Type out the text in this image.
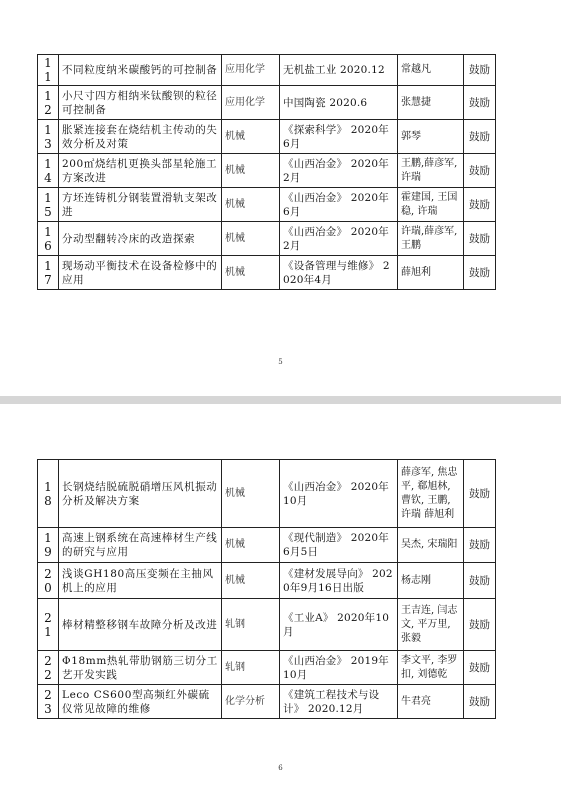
11	不同粒度纳米碳酸钙的可控制备	应用化学	无机盐工业 2020.12	常越凡	鼓励
12	小尺寸四方相纳米钛酸钡的粒径可控制备	应用化学	中国陶瓷 2020.6	张慧捷	鼓励
13	胀紧连接套在烧结机主传动的失效分析及对策	机械	《探索科学》 2020年6月	郭琴	鼓励
14	200㎡烧结机更换头部星轮施工方案改进	机械	《山西冶金》 2020年2月	王鹏,薛彦军,许瑞	鼓励
15	方坯连铸机分钢装置滑轨支架改进	机械	《山西冶金》 2020年6月	霍建国, 王国稳, 许瑞	鼓励
16	分动型翻转冷床的改造探索	机械	《山西冶金》 2020年2月	许瑞,薛彦军,王鹏	鼓励
17	现场动平衡技术在设备检修中的应用	机械	《设备管理与维修》 2020年4月	薛旭利	鼓励
5
18	长钢烧结脱硫脱硝增压风机振动分析及解决方案	机械	《山西冶金》 2020年10月	薛彦军, 焦忠平, 郗旭林, 曹钦, 王鹏, 许瑞 薛旭利	鼓励
19	高速上钢系统在高速棒材生产线的研究与应用	机械	《现代制造》 2020年6月5日	吴杰, 宋瑞阳	鼓励
20	浅谈GH180高压变频在主抽风机上的应用	机械	《建材发展导向》 2020年9月16日出版	杨志刚	鼓励
21	棒材精整移钢车故障分析及改进	轧钢	《工业A》 2020年10月	王吉连, 闫志文, 平万里, 张毅	鼓励
22	Φ18mm热轧带肋钢筋三切分工艺开发实践	轧钢	《山西冶金》 2019年10月	李文平, 李罗扣, 刘德乾	鼓励
23	Leco CS600型高频红外碳硫仪常见故障的维修	化学分析	《建筑工程技术与设计》 2020.12月	牛君亮	鼓励
6
